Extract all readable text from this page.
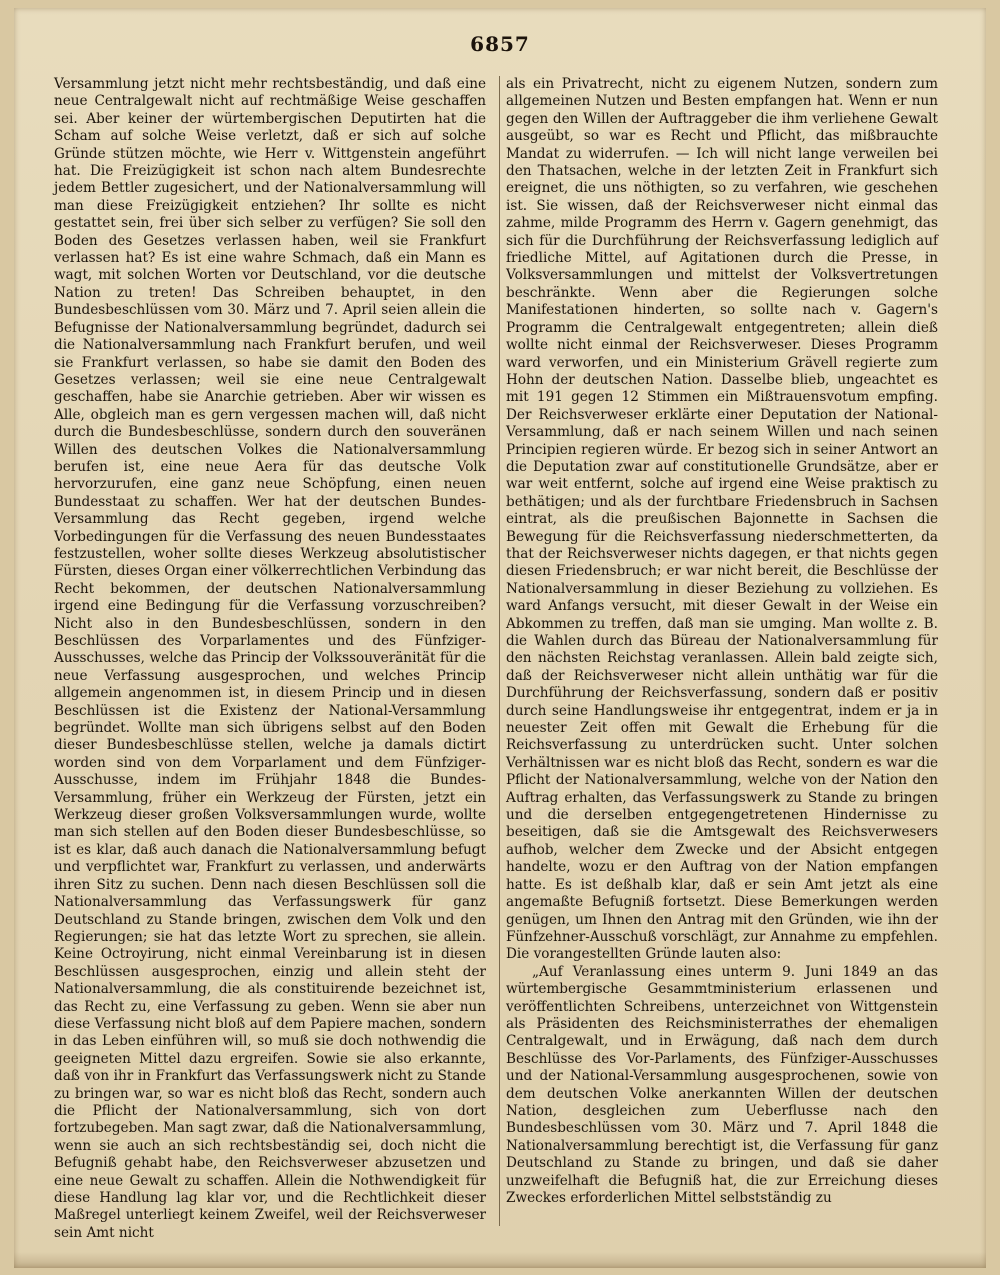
6857

Versammlung jetzt nicht mehr rechtsbeständig, und daß eine neue Centralgewalt nicht auf rechtmäßige Weise geschaffen sei. Aber keiner der würtembergischen Deputirten hat die Scham auf solche Weise verletzt, daß er sich auf solche Gründe stützen möchte, wie Herr v. Wittgenstein angeführt hat. Die Freizügigkeit ist schon nach altem Bundesrechte jedem Bettler zugesichert, und der Nationalversammlung will man diese Freizügigkeit entziehen? Ihr sollte es nicht gestattet sein, frei über sich selber zu verfügen? Sie soll den Boden des Gesetzes verlassen haben, weil sie Frankfurt verlassen hat? Es ist eine wahre Schmach, daß ein Mann es wagt, mit solchen Worten vor Deutschland, vor die deutsche Nation zu treten! Das Schreiben behauptet, in den Bundesbeschlüssen vom 30. März und 7. April seien allein die Befugnisse der Nationalversammlung begründet, dadurch sei die Nationalversammlung nach Frankfurt berufen, und weil sie Frankfurt verlassen, so habe sie damit den Boden des Gesetzes verlassen; weil sie eine neue Centralgewalt geschaffen, habe sie Anarchie getrieben. Aber wir wissen es Alle, obgleich man es gern vergessen machen will, daß nicht durch die Bundesbeschlüsse, sondern durch den souveränen Willen des deutschen Volkes die Nationalversammlung berufen ist, eine neue Aera für das deutsche Volk hervorzurufen, eine ganz neue Schöpfung, einen neuen Bundesstaat zu schaffen. Wer hat der deutschen Bundes-Versammlung das Recht gegeben, irgend welche Vorbedingungen für die Verfassung des neuen Bundesstaates festzustellen, woher sollte dieses Werkzeug absolutistischer Fürsten, dieses Organ einer völkerrechtlichen Verbindung das Recht bekommen, der deutschen Nationalversammlung irgend eine Bedingung für die Verfassung vorzuschreiben? Nicht also in den Bundesbeschlüssen, sondern in den Beschlüssen des Vorparlamentes und des Fünfziger-Ausschusses, welche das Princip der Volkssouveränität für die neue Verfassung ausgesprochen, und welches Princip allgemein angenommen ist, in diesem Princip und in diesen Beschlüssen ist die Existenz der National-Versammlung begründet. Wollte man sich übrigens selbst auf den Boden dieser Bundesbeschlüsse stellen, welche ja damals dictirt worden sind von dem Vorparlament und dem Fünfziger-Ausschusse, indem im Frühjahr 1848 die Bundes-Versammlung, früher ein Werkzeug der Fürsten, jetzt ein Werkzeug dieser großen Volksversammlungen wurde, wollte man sich stellen auf den Boden dieser Bundesbeschlüsse, so ist es klar, daß auch danach die Nationalversammlung befugt und verpflichtet war, Frankfurt zu verlassen, und anderwärts ihren Sitz zu suchen. Denn nach diesen Beschlüssen soll die Nationalversammlung das Verfassungswerk für ganz Deutschland zu Stande bringen, zwischen dem Volk und den Regierungen; sie hat das letzte Wort zu sprechen, sie allein. Keine Octroyirung, nicht einmal Vereinbarung ist in diesen Beschlüssen ausgesprochen, einzig und allein steht der Nationalversammlung, die als constituirende bezeichnet ist, das Recht zu, eine Verfassung zu geben. Wenn sie aber nun diese Verfassung nicht bloß auf dem Papiere machen, sondern in das Leben einführen will, so muß sie doch nothwendig die geeigneten Mittel dazu ergreifen. Sowie sie also erkannte, daß von ihr in Frankfurt das Verfassungswerk nicht zu Stande zu bringen war, so war es nicht bloß das Recht, sondern auch die Pflicht der Nationalversammlung, sich von dort fortzubegeben. Man sagt zwar, daß die Nationalversammlung, wenn sie auch an sich rechtsbeständig sei, doch nicht die Befugniß gehabt habe, den Reichsverweser abzusetzen und eine neue Gewalt zu schaffen. Allein die Nothwendigkeit für diese Handlung lag klar vor, und die Rechtlichkeit dieser Maßregel unterliegt keinem Zweifel, weil der Reichsverweser sein Amt nicht

als ein Privatrecht, nicht zu eigenem Nutzen, sondern zum allgemeinen Nutzen und Besten empfangen hat. Wenn er nun gegen den Willen der Auftraggeber die ihm verliehene Gewalt ausgeübt, so war es Recht und Pflicht, das mißbrauchte Mandat zu widerrufen. — Ich will nicht lange verweilen bei den Thatsachen, welche in der letzten Zeit in Frankfurt sich ereignet, die uns nöthigten, so zu verfahren, wie geschehen ist. Sie wissen, daß der Reichsverweser nicht einmal das zahme, milde Programm des Herrn v. Gagern genehmigt, das sich für die Durchführung der Reichsverfassung lediglich auf friedliche Mittel, auf Agitationen durch die Presse, in Volksversammlungen und mittelst der Volksvertretungen beschränkte. Wenn aber die Regierungen solche Manifestationen hinderten, so sollte nach v. Gagern's Programm die Centralgewalt entgegentreten; allein dieß wollte nicht einmal der Reichsverweser. Dieses Programm ward verworfen, und ein Ministerium Grävell regierte zum Hohn der deutschen Nation. Dasselbe blieb, ungeachtet es mit 191 gegen 12 Stimmen ein Mißtrauensvotum empfing. Der Reichsverweser erklärte einer Deputation der National-Versammlung, daß er nach seinem Willen und nach seinen Principien regieren würde. Er bezog sich in seiner Antwort an die Deputation zwar auf constitutionelle Grundsätze, aber er war weit entfernt, solche auf irgend eine Weise praktisch zu bethätigen; und als der furchtbare Friedensbruch in Sachsen eintrat, als die preußischen Bajonnette in Sachsen die Bewegung für die Reichsverfassung niederschmetterten, da that der Reichsverweser nichts dagegen, er that nichts gegen diesen Friedensbruch; er war nicht bereit, die Beschlüsse der Nationalversammlung in dieser Beziehung zu vollziehen. Es ward Anfangs versucht, mit dieser Gewalt in der Weise ein Abkommen zu treffen, daß man sie umging. Man wollte z. B. die Wahlen durch das Büreau der Nationalversammlung für den nächsten Reichstag veranlassen. Allein bald zeigte sich, daß der Reichsverweser nicht allein unthätig war für die Durchführung der Reichsverfassung, sondern daß er positiv durch seine Handlungsweise ihr entgegentrat, indem er ja in neuester Zeit offen mit Gewalt die Erhebung für die Reichsverfassung zu unterdrücken sucht. Unter solchen Verhältnissen war es nicht bloß das Recht, sondern es war die Pflicht der Nationalversammlung, welche von der Nation den Auftrag erhalten, das Verfassungswerk zu Stande zu bringen und die derselben entgegengetretenen Hindernisse zu beseitigen, daß sie die Amtsgewalt des Reichsverwesers aufhob, welcher dem Zwecke und der Absicht entgegen handelte, wozu er den Auftrag von der Nation empfangen hatte. Es ist deßhalb klar, daß er sein Amt jetzt als eine angemaßte Befugniß fortsetzt. Diese Bemerkungen werden genügen, um Ihnen den Antrag mit den Gründen, wie ihn der Fünfzehner-Ausschuß vorschlägt, zur Annahme zu empfehlen. Die vorangestellten Gründe lauten also:

„Auf Veranlassung eines unterm 9. Juni 1849 an das würtembergische Gesammtministerium erlassenen und veröffentlichten Schreibens, unterzeichnet von Wittgenstein als Präsidenten des Reichsministerrathes der ehemaligen Centralgewalt, und in Erwägung, daß nach dem durch Beschlüsse des Vor-Parlaments, des Fünfziger-Ausschusses und der National-Versammlung ausgesprochenen, sowie von dem deutschen Volke anerkannten Willen der deutschen Nation, desgleichen zum Ueberflusse nach den Bundesbeschlüssen vom 30. März und 7. April 1848 die Nationalversammlung berechtigt ist, die Verfassung für ganz Deutschland zu Stande zu bringen, und daß sie daher unzweifelhaft die Befugniß hat, die zur Erreichung dieses Zweckes erforderlichen Mittel selbstständig zu
